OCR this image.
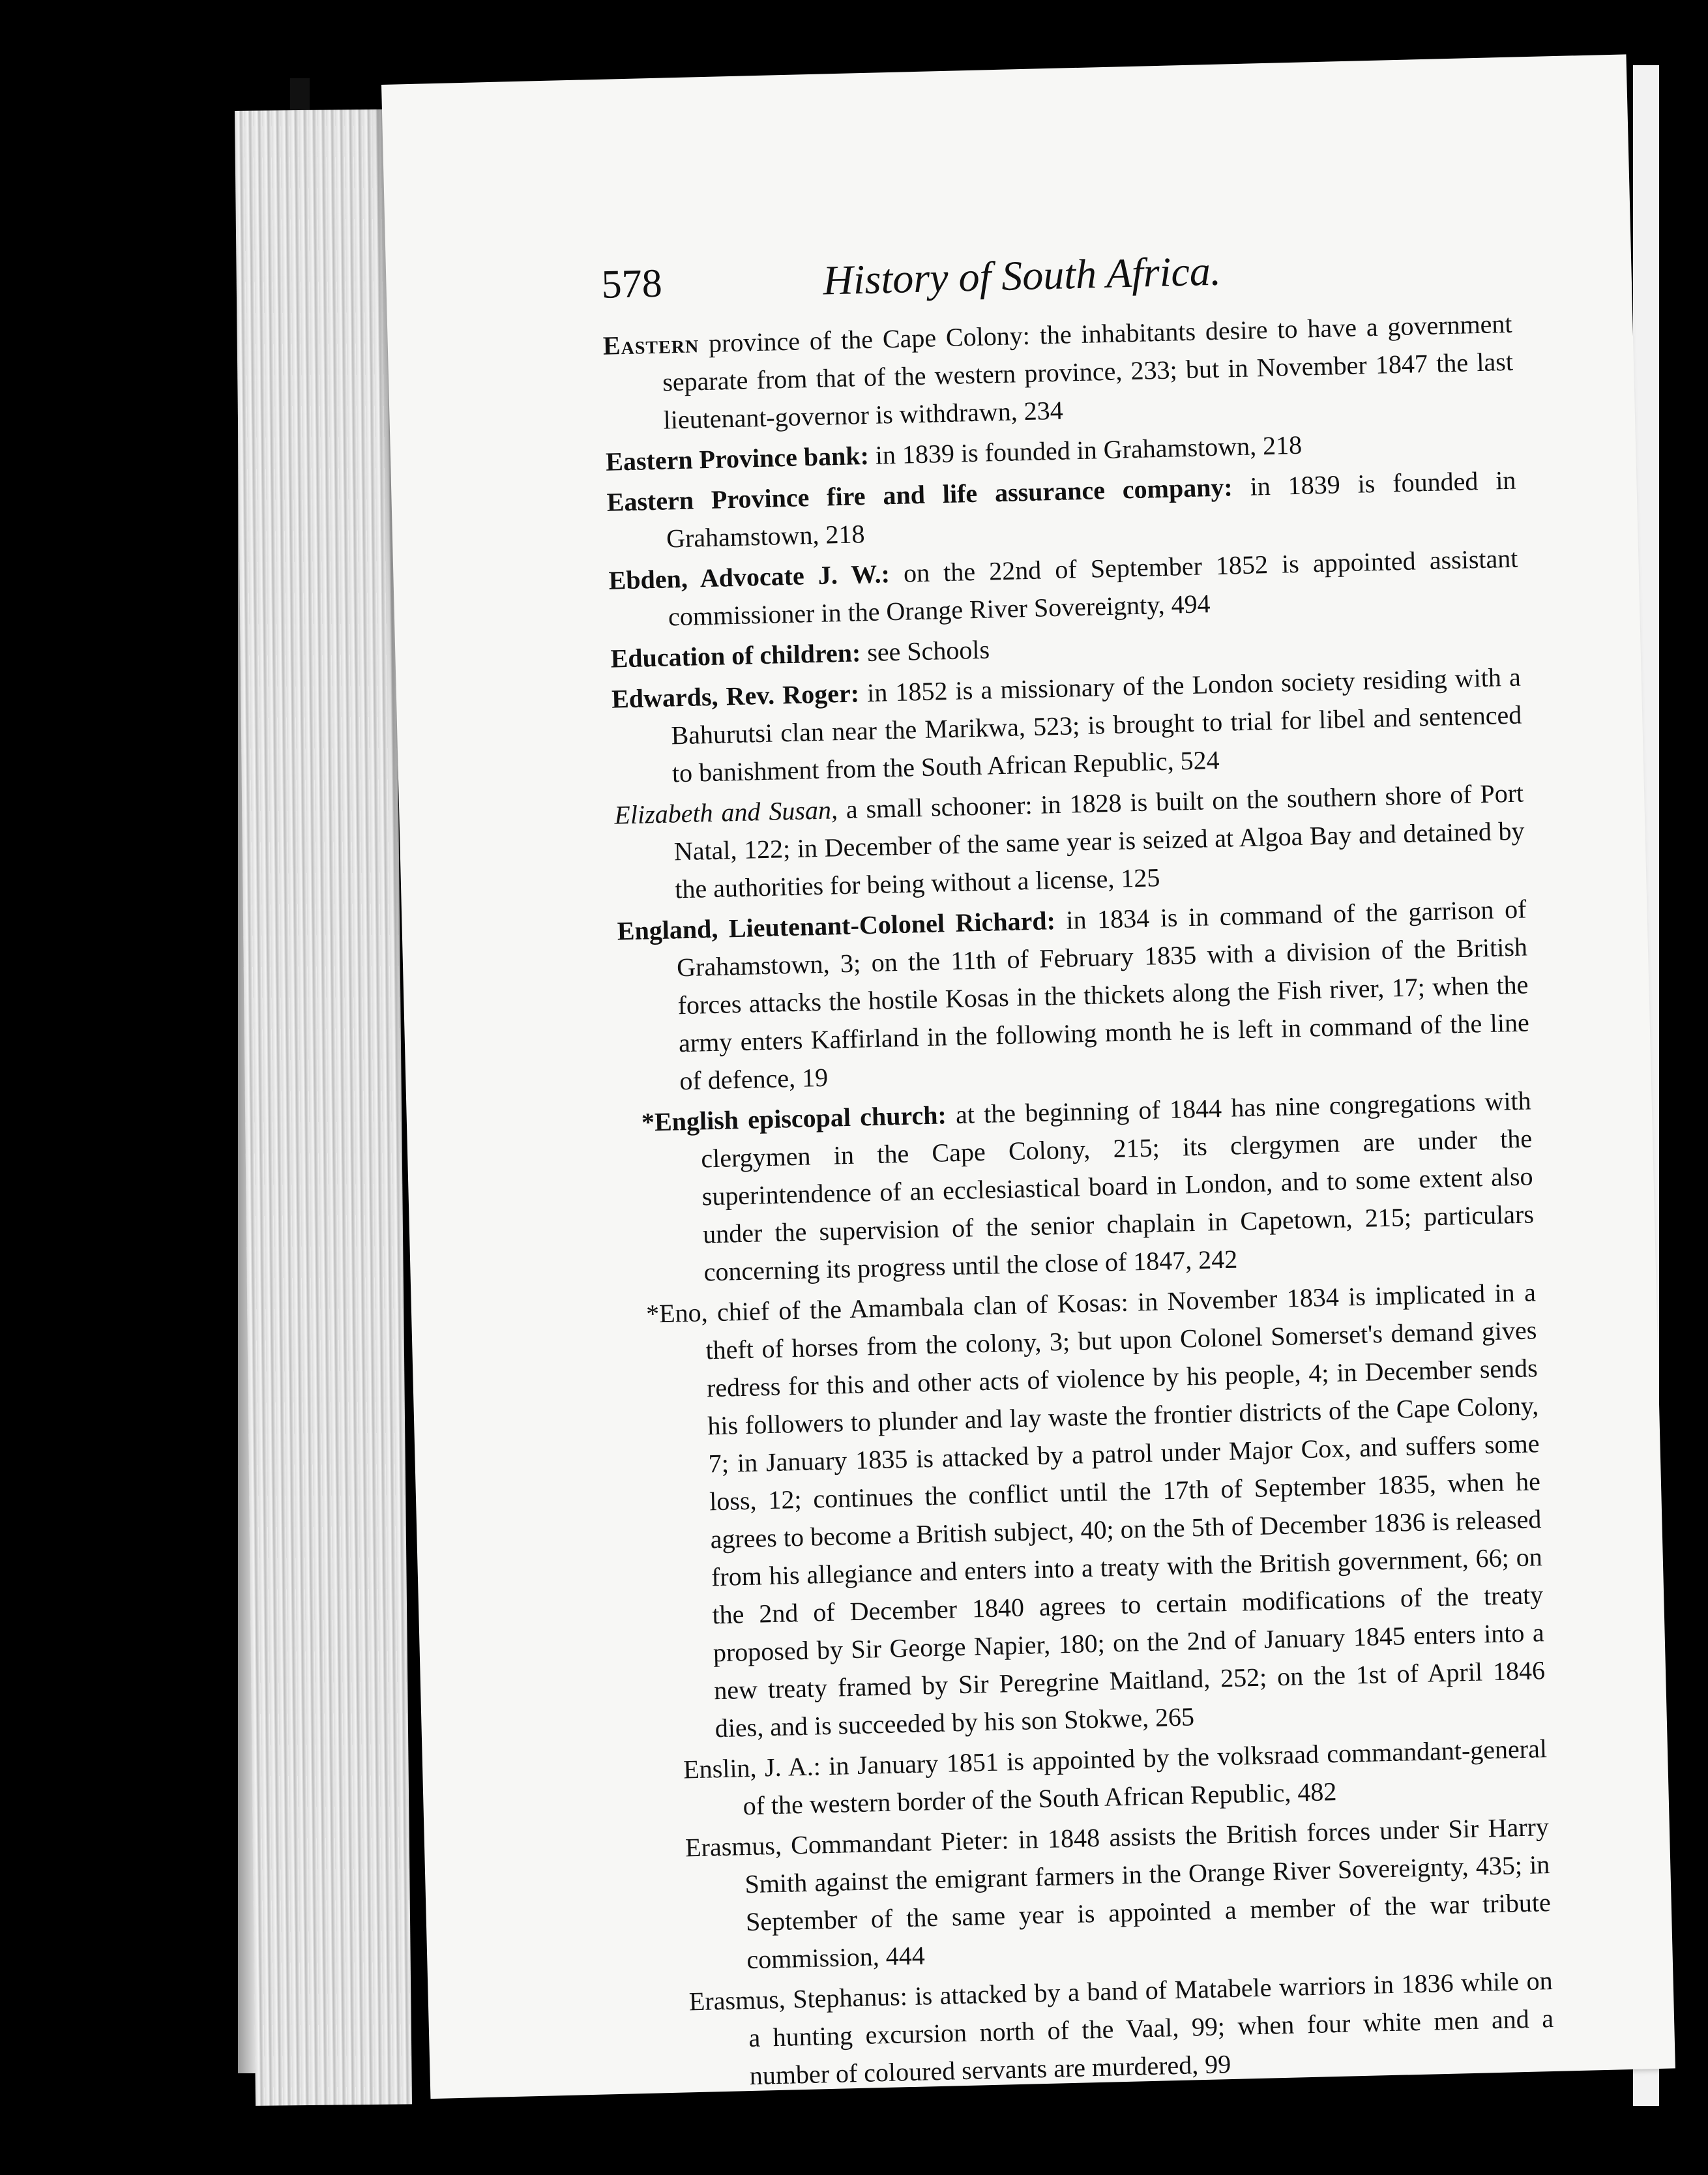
578	History of South Africa.

Eastern province of the Cape Colony: the inhabitants desire to have a government separate from that of the western province, 233; but in November 1847 the last lieutenant-governor is withdrawn, 234

Eastern Province bank: in 1839 is founded in Grahamstown, 218

Eastern Province fire and life assurance company: in 1839 is founded in Grahamstown, 218

Ebden, Advocate J. W.: on the 22nd of September 1852 is appointed assistant commissioner in the Orange River Sovereignty, 494

Education of children: see Schools

Edwards, Rev. Roger: in 1852 is a missionary of the London society residing with a Bahurutsi clan near the Marikwa, 523; is brought to trial for libel and sentenced to banishment from the South African Republic, 524

Elizabeth and Susan, a small schooner: in 1828 is built on the southern shore of Port Natal, 122; in December of the same year is seized at Algoa Bay and detained by the authorities for being without a license, 125

England, Lieutenant-Colonel Richard: in 1834 is in command of the garrison of Grahamstown, 3; on the 11th of February 1835 with a division of the British forces attacks the hostile Kosas in the thickets along the Fish river, 17; when the army enters Kaffirland in the following month he is left in command of the line of defence, 19

*English episcopal church: at the beginning of 1844 has nine congregations with clergymen in the Cape Colony, 215; its clergymen are under the superintendence of an ecclesiastical board in London, and to some extent also under the supervision of the senior chaplain in Capetown, 215; particulars concerning its progress until the close of 1847, 242

*Eno, chief of the Amambala clan of Kosas: in November 1834 is implicated in a theft of horses from the colony, 3; but upon Colonel Somerset's demand gives redress for this and other acts of violence by his people, 4; in December sends his followers to plunder and lay waste the frontier districts of the Cape Colony, 7; in January 1835 is attacked by a patrol under Major Cox, and suffers some loss, 12; continues the conflict until the 17th of September 1835, when he agrees to become a British subject, 40; on the 5th of December 1836 is released from his allegiance and enters into a treaty with the British government, 66; on the 2nd of December 1840 agrees to certain modifications of the treaty proposed by Sir George Napier, 180; on the 2nd of January 1845 enters into a new treaty framed by Sir Peregrine Maitland, 252; on the 1st of April 1846 dies, and is succeeded by his son Stokwe, 265

Enslin, J. A.: in January 1851 is appointed by the volksraad commandant-general of the western border of the South African Republic, 482

Erasmus, Commandant Pieter: in 1848 assists the British forces under Sir Harry Smith against the emigrant farmers in the Orange River Sovereignty, 435; in September of the same year is appointed a member of the war tribute commission, 444

Erasmus, Stephanus: is attacked by a band of Matabele warriors in 1836 while on a hunting excursion north of the Vaal, 99; when four white men and a number of coloured servants are murdered, 99
